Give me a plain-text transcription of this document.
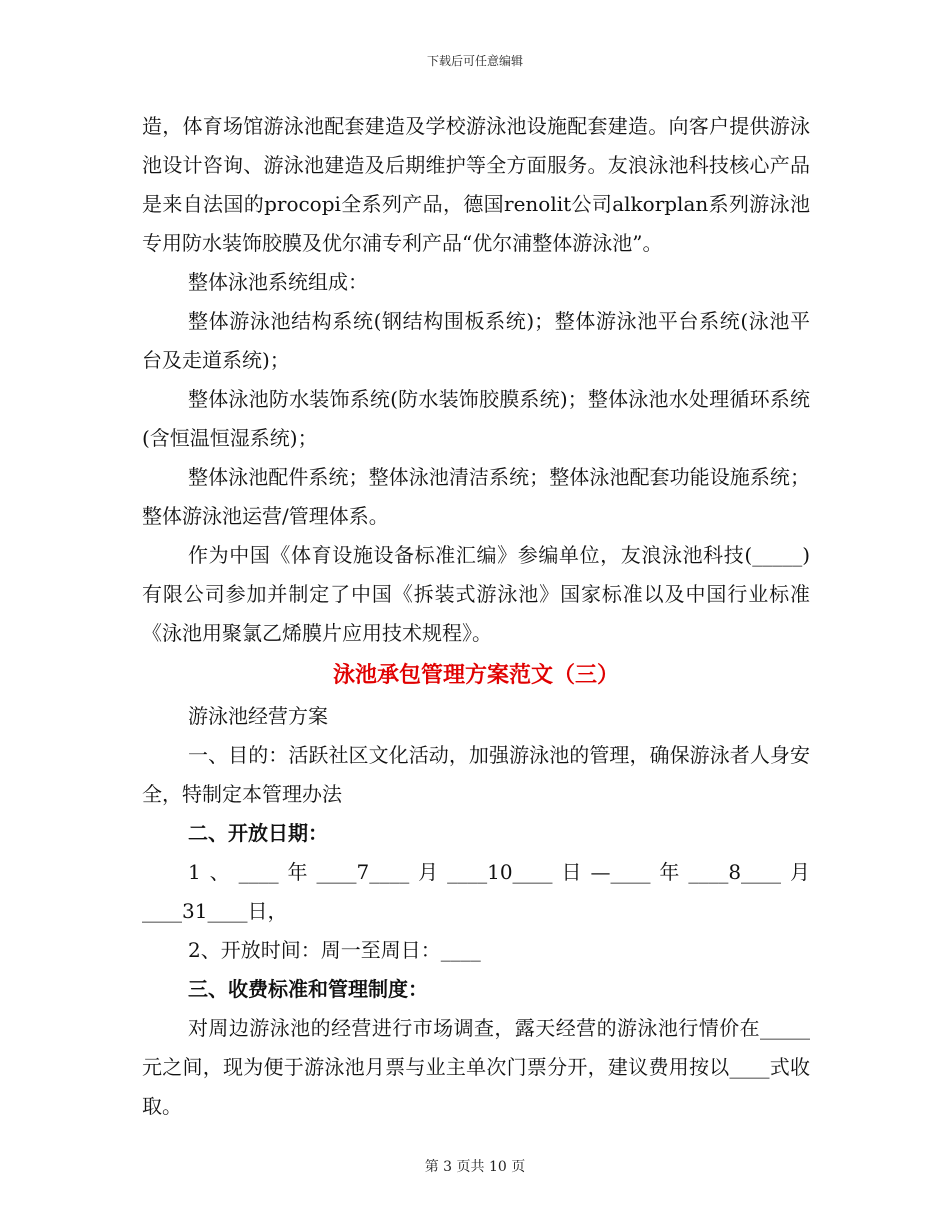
下载后可任意编辑

造，体育场馆游泳池配套建造及学校游泳池设施配套建造。向客户提供游泳池设计咨询、游泳池建造及后期维护等全方面服务。友浪泳池科技核心产品是来自法国的procopi全系列产品，德国renolit公司alkorplan系列游泳池专用防水装饰胶膜及优尔浦专利产品“优尔浦整体游泳池”。

整体泳池系统组成：

整体游泳池结构系统(钢结构围板系统)；整体游泳池平台系统(泳池平台及走道系统)；

整体泳池防水装饰系统(防水装饰胶膜系统)；整体泳池水处理循环系统(含恒温恒湿系统)；

整体泳池配件系统；整体泳池清洁系统；整体泳池配套功能设施系统；整体游泳池运营/管理体系。

作为中国《体育设施设备标准汇编》参编单位，友浪泳池科技(_____)有限公司参加并制定了中国《拆装式游泳池》国家标准以及中国行业标准《泳池用聚氯乙烯膜片应用技术规程》。

泳池承包管理方案范文（三）

游泳池经营方案

一、目的：活跃社区文化活动，加强游泳池的管理，确保游泳者人身安全，特制定本管理办法

二、开放日期：

1、____年____7____月____10____日—____年____8____月____31____日，

2、开放时间：周一至周日：____

三、收费标准和管理制度：

对周边游泳池的经营进行市场调查，露天经营的游泳池行情价在_____元之间，现为便于游泳池月票与业主单次门票分开，建议费用按以____式收取。

第 3 页共 10 页
